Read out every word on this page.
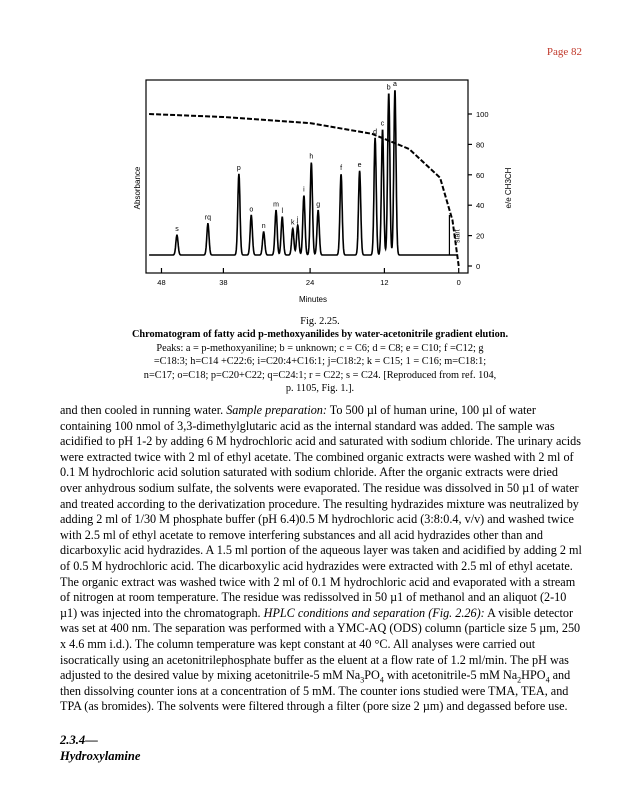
Page 82
48	38	24	12	0
100
80
60
40
20
0
s
rq
p
o
n
m
l
k j
i
h
g
f e
d
c
b a
start
Minutes
Absorbance	e/e CH3CH
Fig. 2.25.
Chromatogram of fatty acid p-methoxyanilides by water-acetonitrile gradient elution.
Peaks: a = p-methoxyaniline; b = unknown; c = C6; d = C8; e = C10; f =C12; g
=C18:3; h=C14 +C22:6; i=C20:4+C16:1; j=C18:2; k = C15; 1 = C16; m=C18:1;
n=C17; o=C18; p=C20+C22; q=C24:1; r = C22; s = C24. [Reproduced from ref. 104,
p. 1105, Fig. 1.].

and then cooled in running water. Sample preparation: To 500 µl of human urine, 100 µl of water containing 100 nmol of 3,3-dimethylglutaric acid as the internal standard was added. The sample was acidified to pH 1-2 by adding 6 M hydrochloric acid and saturated with sodium chloride. The urinary acids were extracted twice with 2 ml of ethyl acetate. The combined organic extracts were washed with 2 ml of 0.1 M hydrochloric acid solution saturated with sodium chloride. After the organic extracts were dried over anhydrous sodium sulfate, the solvents were evaporated. The residue was dissolved in 50 µ1 of water and treated according to the derivatization procedure. The resulting hydrazides mixture was neutralized by adding 2 ml of 1/30 M phosphate buffer (pH 6.4)0.5 M hydrochloric acid (3:8:0.4, v/v) and washed twice with 2.5 ml of ethyl acetate to remove interfering substances and all acid hydrazides other than and dicarboxylic acid hydrazides. A 1.5 ml portion of the aqueous layer was taken and acidified by adding 2 ml of 0.5 M hydrochloric acid. The dicarboxylic acid hydrazides were extracted with 2.5 ml of ethyl acetate. The organic extract was washed twice with 2 ml of 0.1 M hydrochloric acid and evaporated with a stream of nitrogen at room temperature. The residue was redissolved in 50 µ1 of methanol and an aliquot (2-10 µ1) was injected into the chromatograph. HPLC conditions and separation (Fig. 2.26): A visible detector was set at 400 nm. The separation was performed with a YMC-AQ (ODS) column (particle size 5 µm, 250 x 4.6 mm i.d.). The column temperature was kept constant at 40 °C. All analyses were carried out isocratically using an acetonitrilephosphate buffer as the eluent at a flow rate of 1.2 ml/min. The pH was adjusted to the desired value by mixing acetonitrile-5 mM $Na_3PO_4$ with acetonitrile-5 mM $Na_2HPO_4$ and then dissolving counter ions at a concentration of 5 mM. The counter ions studied were TMA, TEA, and TPA (as bromides). The solvents were filtered through a filter (pore size 2 µm) and degassed before use.

2.3.4—
Hydroxylamine
